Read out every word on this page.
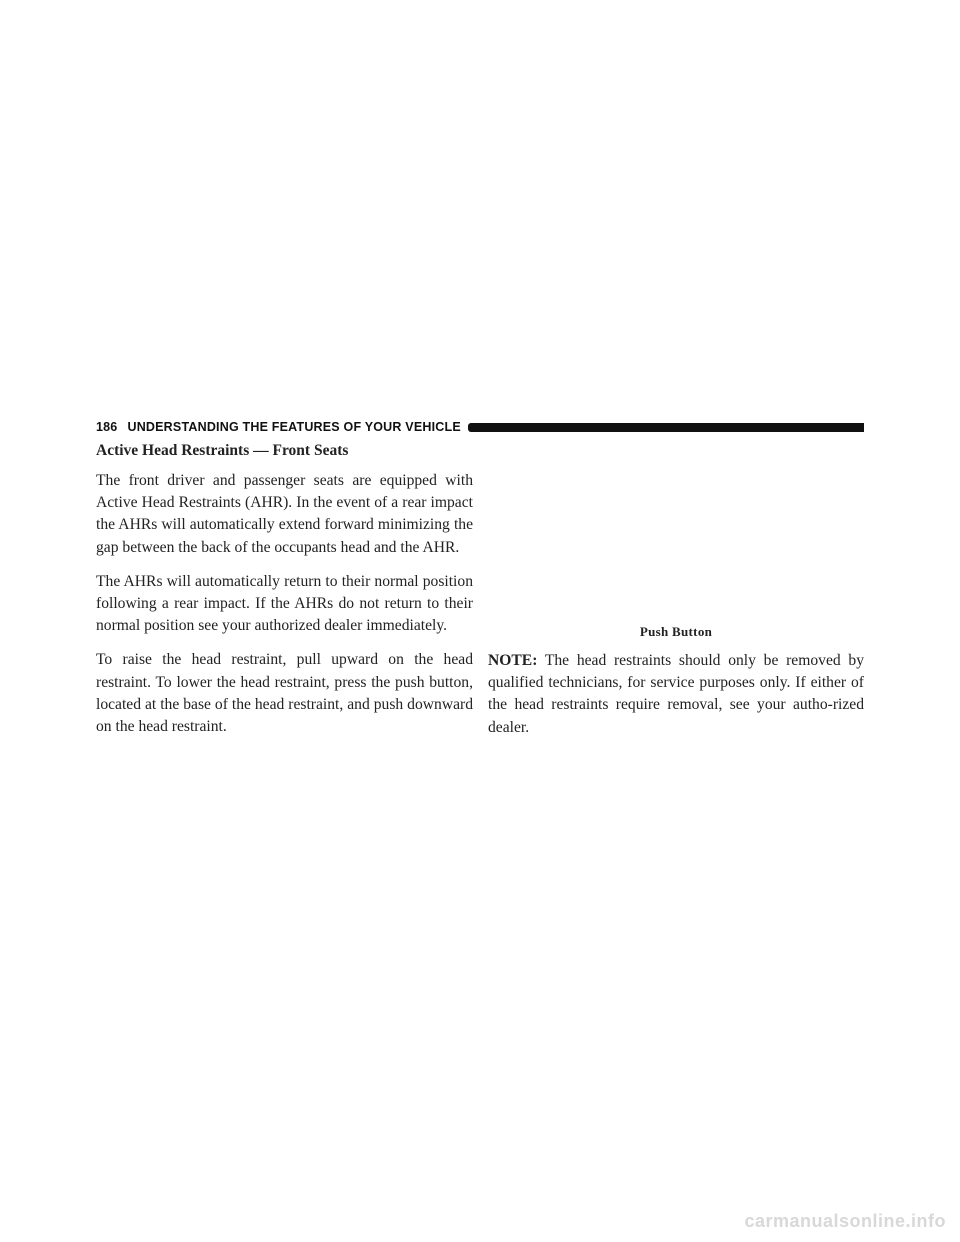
186 UNDERSTANDING THE FEATURES OF YOUR VEHICLE
Active Head Restraints — Front Seats

The front driver and passenger seats are equipped with Active Head Restraints (AHR). In the event of a rear impact the AHRs will automatically extend forward minimizing the gap between the back of the occupants head and the AHR.

The AHRs will automatically return to their normal position following a rear impact. If the AHRs do not return to their normal position see your authorized dealer immediately.

To raise the head restraint, pull upward on the head restraint. To lower the head restraint, press the push button, located at the base of the head restraint, and push downward on the head restraint.

Push Button

NOTE: The head restraints should only be removed by qualified technicians, for service purposes only. If either of the head restraints require removal, see your autho-rized dealer.

carmanualsonline.info
